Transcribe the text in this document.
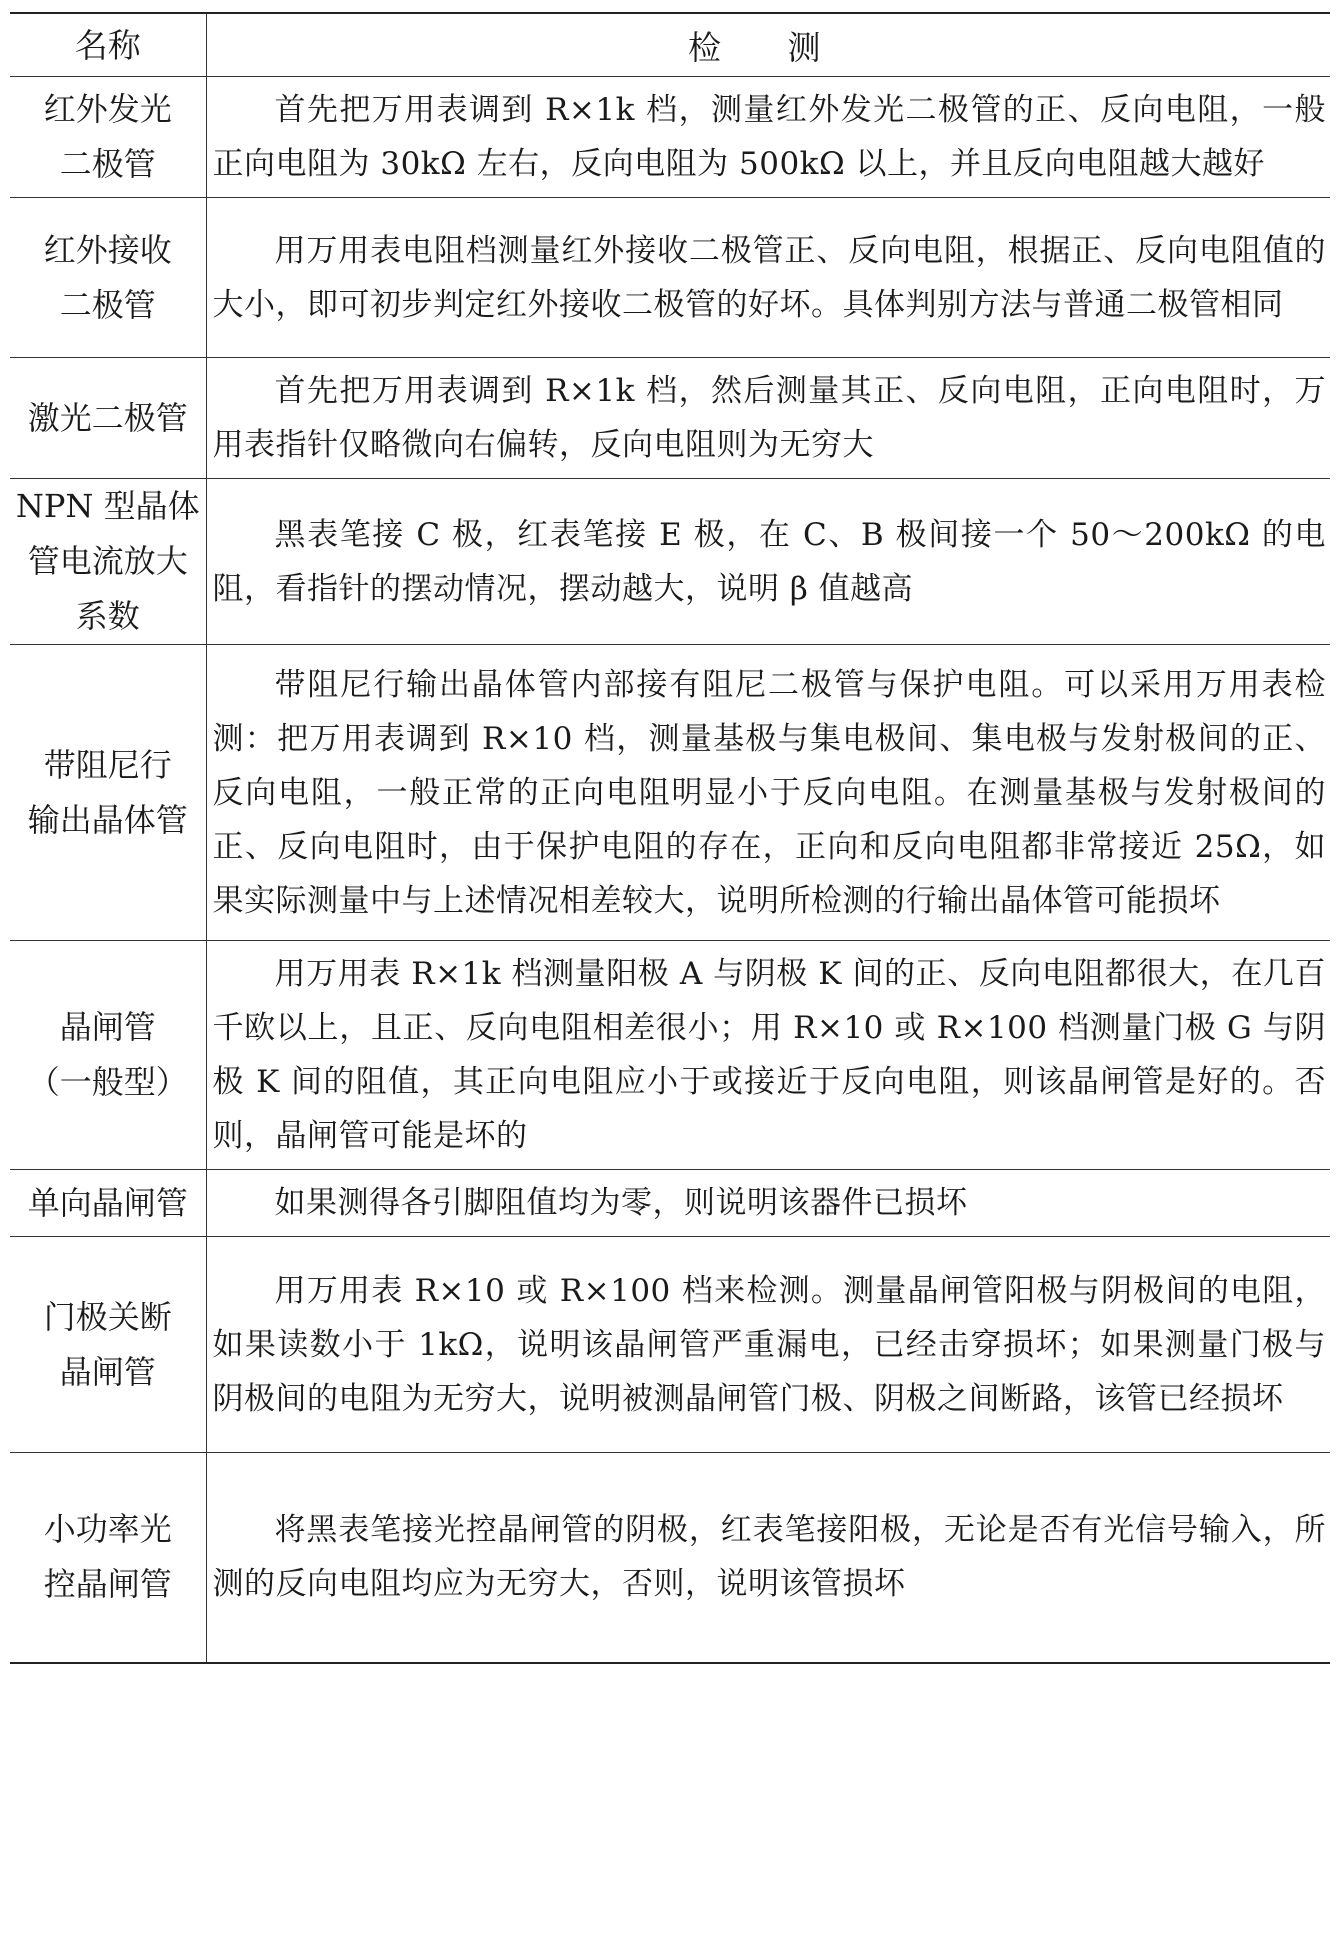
名称	检 测

红外发光
二极管	首先把万用表调到 R×1k 档，测量红外发光二极管的正、反向电阻，一般正向电阻为 30kΩ 左右，反向电阻为 500kΩ 以上，并且反向电阻越大越好

红外接收
二极管	用万用表电阻档测量红外接收二极管正、反向电阻，根据正、反向电阻值的大小，即可初步判定红外接收二极管的好坏。具体判别方法与普通二极管相同

激光二极管	首先把万用表调到 R×1k 档，然后测量其正、反向电阻，正向电阻时，万用表指针仅略微向右偏转，反向电阻则为无穷大

NPN 型晶体
管电流放大
系数	黑表笔接 C 极，红表笔接 E 极，在 C、B 极间接一个 50～200kΩ 的电阻，看指针的摆动情况，摆动越大，说明 β 值越高

带阻尼行
输出晶体管	带阻尼行输出晶体管内部接有阻尼二极管与保护电阻。可以采用万用表检测：把万用表调到 R×10 档，测量基极与集电极间、集电极与发射极间的正、反向电阻，一般正常的正向电阻明显小于反向电阻。在测量基极与发射极间的正、反向电阻时，由于保护电阻的存在，正向和反向电阻都非常接近 25Ω，如果实际测量中与上述情况相差较大，说明所检测的行输出晶体管可能损坏

晶闸管
（一般型）	用万用表 R×1k 档测量阳极 A 与阴极 K 间的正、反向电阻都很大，在几百千欧以上，且正、反向电阻相差很小；用 R×10 或 R×100 档测量门极 G 与阴极 K 间的阻值，其正向电阻应小于或接近于反向电阻，则该晶闸管是好的。否则，晶闸管可能是坏的

单向晶闸管	如果测得各引脚阻值均为零，则说明该器件已损坏

门极关断
晶闸管	用万用表 R×10 或 R×100 档来检测。测量晶闸管阳极与阴极间的电阻，如果读数小于 1kΩ，说明该晶闸管严重漏电，已经击穿损坏；如果测量门极与阴极间的电阻为无穷大，说明被测晶闸管门极、阴极之间断路，该管已经损坏

小功率光
控晶闸管	将黑表笔接光控晶闸管的阴极，红表笔接阳极，无论是否有光信号输入，所测的反向电阻均应为无穷大，否则，说明该管损坏
